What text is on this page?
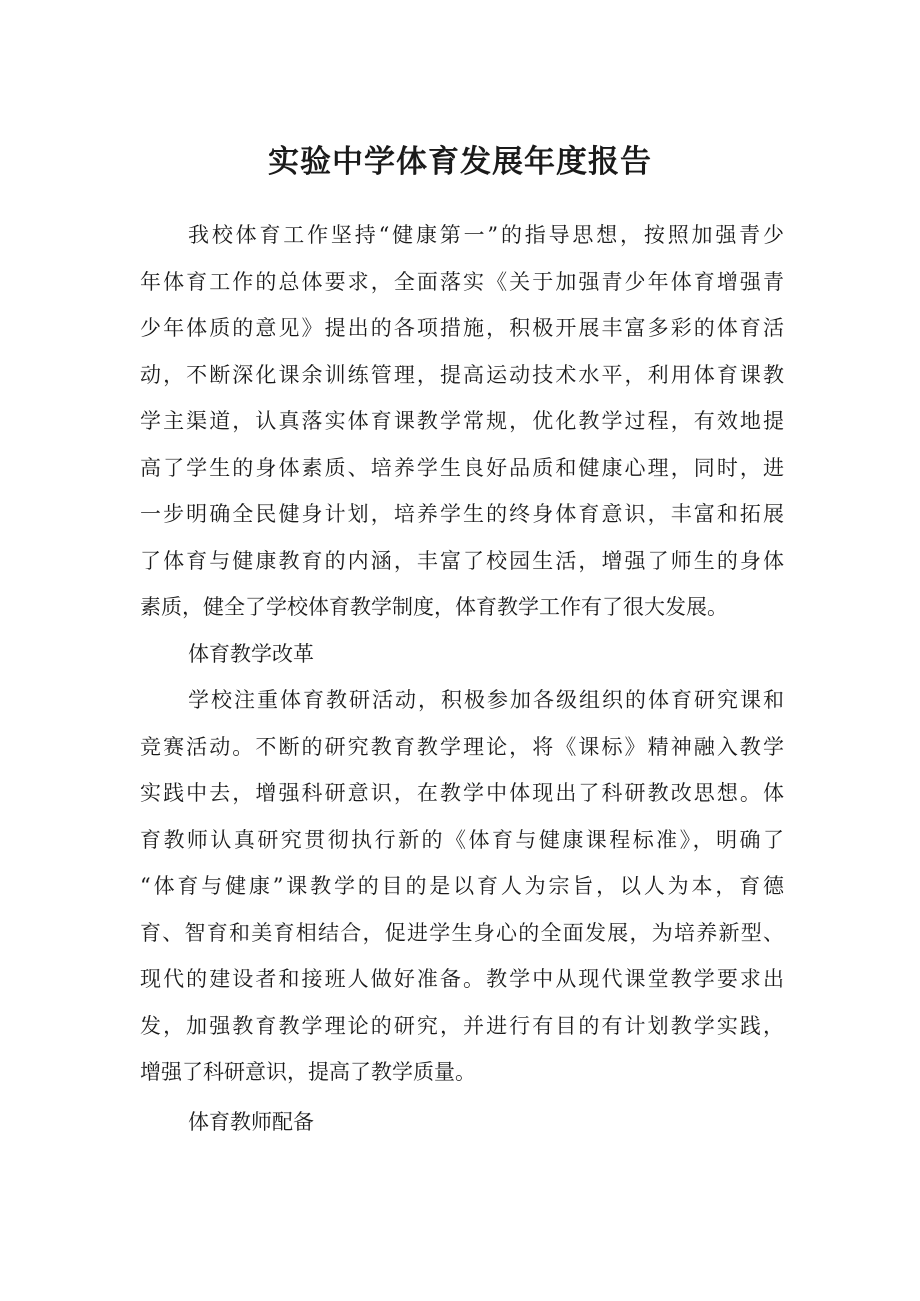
实验中学体育发展年度报告
我校体育工作坚持“健康第一”的指导思想，按照加强青少
年体育工作的总体要求，全面落实《关于加强青少年体育增强青
少年体质的意见》提出的各项措施，积极开展丰富多彩的体育活
动，不断深化课余训练管理，提高运动技术水平，利用体育课教
学主渠道，认真落实体育课教学常规，优化教学过程，有效地提
高了学生的身体素质、培养学生良好品质和健康心理，同时，进
一步明确全民健身计划，培养学生的终身体育意识，丰富和拓展
了体育与健康教育的内涵，丰富了校园生活，增强了师生的身体
素质，健全了学校体育教学制度，体育教学工作有了很大发展。
体育教学改革
学校注重体育教研活动，积极参加各级组织的体育研究课和
竞赛活动。不断的研究教育教学理论，将《课标》精神融入教学
实践中去，增强科研意识，在教学中体现出了科研教改思想。体
育教师认真研究贯彻执行新的《体育与健康课程标准》，明确了
“体育与健康”课教学的目的是以育人为宗旨，以人为本，育德
育、智育和美育相结合，促进学生身心的全面发展，为培养新型、
现代的建设者和接班人做好准备。教学中从现代课堂教学要求出
发，加强教育教学理论的研究，并进行有目的有计划教学实践，
增强了科研意识，提高了教学质量。
体育教师配备
